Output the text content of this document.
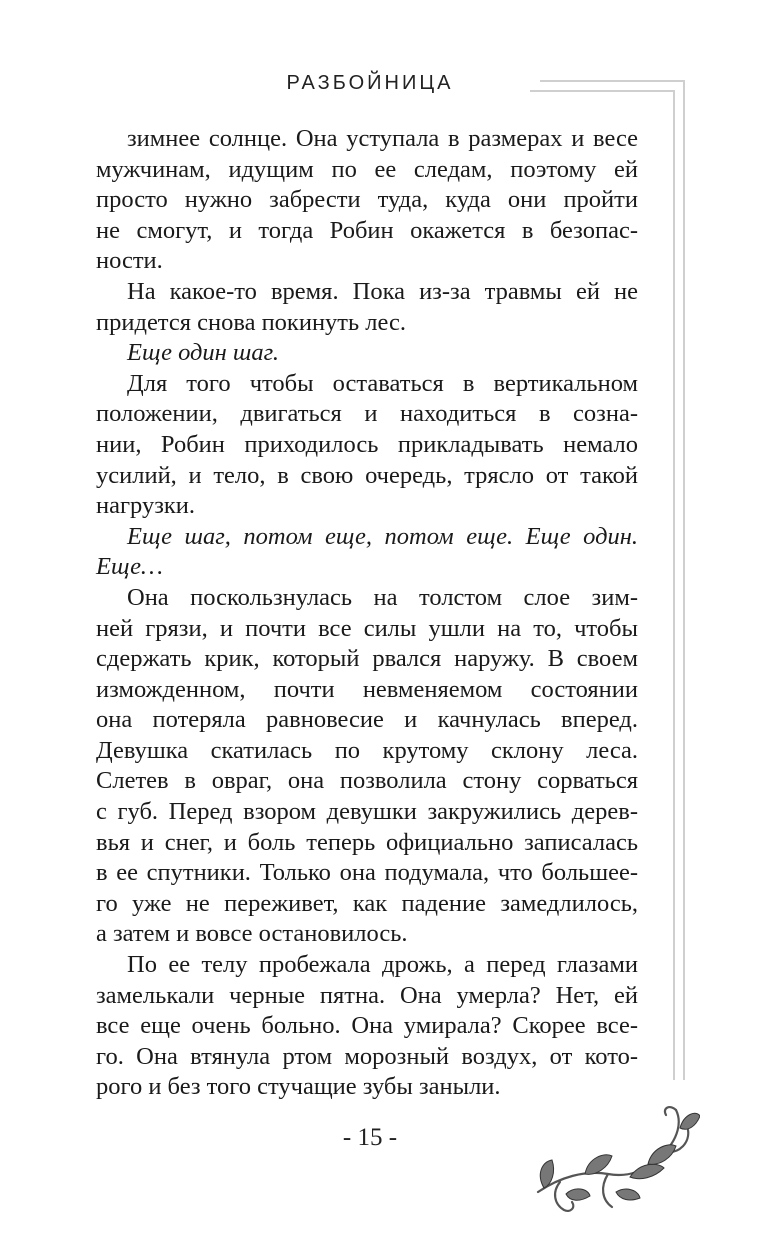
РАЗБОЙНИЦА
зимнее солнце. Она уступала в размерах и весе
мужчинам, идущим по ее следам, поэтому ей
просто нужно забрести туда, куда они пройти
не смогут, и тогда Робин окажется в безопас-
ности.
На какое-то время. Пока из-за травмы ей не
придется снова покинуть лес.
Еще один шаг.
Для того чтобы оставаться в вертикальном
положении, двигаться и находиться в созна-
нии, Робин приходилось прикладывать немало
усилий, и тело, в свою очередь, трясло от такой
нагрузки.
Еще шаг, потом еще, потом еще. Еще один.
Еще…
Она поскользнулась на толстом слое зим-
ней грязи, и почти все силы ушли на то, чтобы
сдержать крик, который рвался наружу. В своем
изможденном, почти невменяемом состоянии
она потеряла равновесие и качнулась вперед.
Девушка скатилась по крутому склону леса.
Слетев в овраг, она позволила стону сорваться
с губ. Перед взором девушки закружились дерев-
вья и снег, и боль теперь официально записалась
в ее спутники. Только она подумала, что большее-
го уже не переживет, как падение замедлилось,
а затем и вовсе остановилось.
По ее телу пробежала дрожь, а перед глазами
замелькали черные пятна. Она умерла? Нет, ей
все еще очень больно. Она умирала? Скорее все-
го. Она втянула ртом морозный воздух, от кото-
рого и без того стучащие зубы заныли.
- 15 -
